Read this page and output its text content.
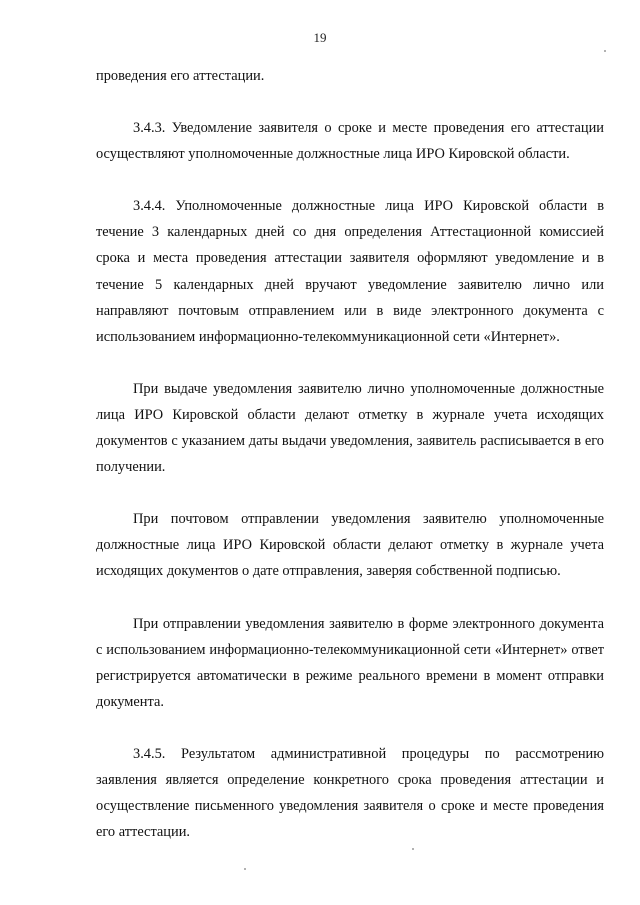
19

проведения его аттестации.

3.4.3. Уведомление заявителя о сроке и месте проведения его аттестации осуществляют уполномоченные должностные лица ИРО Кировской области.

3.4.4. Уполномоченные должностные лица ИРО Кировской области в течение 3 календарных дней со дня определения Аттестационной комиссией срока и места проведения аттестации заявителя оформляют уведомление и в течение 5 календарных дней вручают уведомление заявителю лично или направляют почтовым отправлением или в виде электронного документа с использованием информационно-телекоммуникационной сети «Интернет».

При выдаче уведомления заявителю лично уполномоченные должностные лица ИРО Кировской области делают отметку в журнале учета исходящих документов с указанием даты выдачи уведомления, заявитель расписывается в его получении.

При почтовом отправлении уведомления заявителю уполномоченные должностные лица ИРО Кировской области делают отметку в журнале учета исходящих документов о дате отправления, заверяя собственной подписью.

При отправлении уведомления заявителю в форме электронного документа с использованием информационно-телекоммуникационной сети «Интернет» ответ регистрируется автоматически в режиме реального времени в момент отправки документа.

3.4.5. Результатом административной процедуры по рассмотрению заявления является определение конкретного срока проведения аттестации и осуществление письменного уведомления заявителя о сроке и месте проведения его аттестации.
